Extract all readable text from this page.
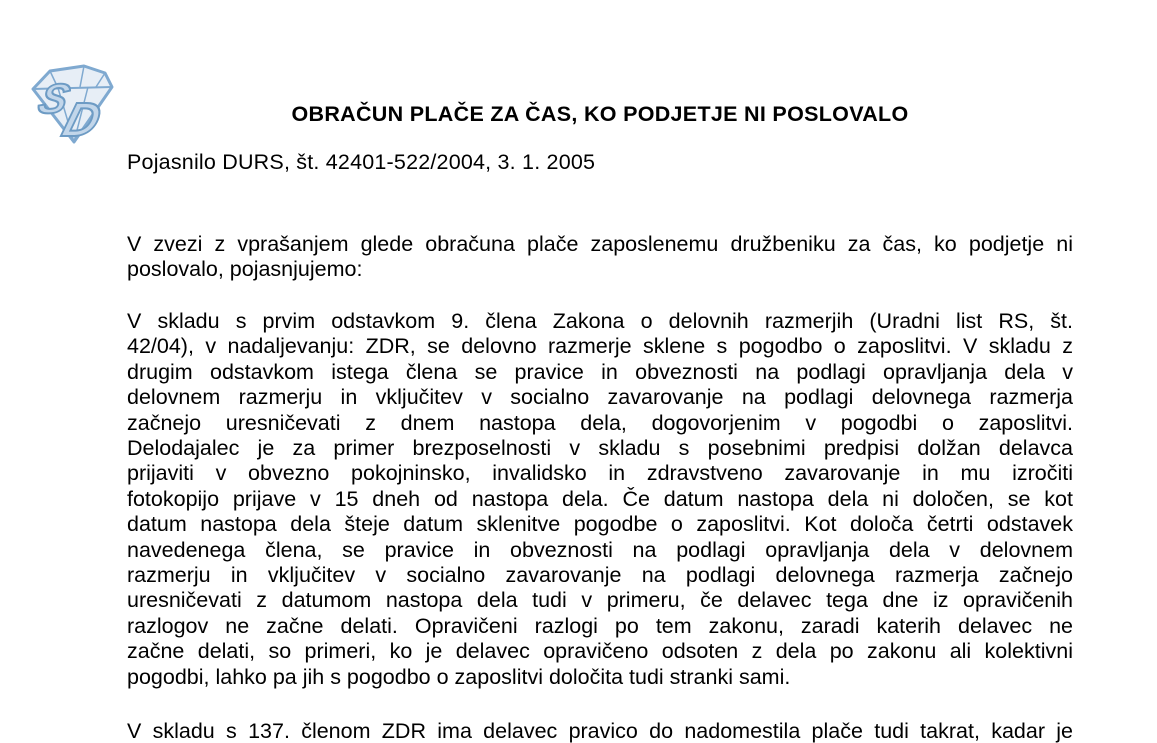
S
D	OBRAČUN PLAČE ZA ČAS, KO PODJETJE NI POSLOVALO
Pojasnilo DURS, št. 42401-522/2004, 3. 1. 2005
V zvezi z vprašanjem glede obračuna plače zaposlenemu družbeniku za čas, ko podjetje ni
poslovalo, pojasnjujemo:
V skladu s prvim odstavkom 9. člena Zakona o delovnih razmerjih (Uradni list RS, št.
42/04), v nadaljevanju: ZDR, se delovno razmerje sklene s pogodbo o zaposlitvi. V skladu z
drugim odstavkom istega člena se pravice in obveznosti na podlagi opravljanja dela v
delovnem razmerju in vključitev v socialno zavarovanje na podlagi delovnega razmerja
začnejo uresničevati z dnem nastopa dela, dogovorjenim v pogodbi o zaposlitvi.
Delodajalec je za primer brezposelnosti v skladu s posebnimi predpisi dolžan delavca
prijaviti v obvezno pokojninsko, invalidsko in zdravstveno zavarovanje in mu izročiti
fotokopijo prijave v 15 dneh od nastopa dela. Če datum nastopa dela ni določen, se kot
datum nastopa dela šteje datum sklenitve pogodbe o zaposlitvi. Kot določa četrti odstavek
navedenega člena, se pravice in obveznosti na podlagi opravljanja dela v delovnem
razmerju in vključitev v socialno zavarovanje na podlagi delovnega razmerja začnejo
uresničevati z datumom nastopa dela tudi v primeru, če delavec tega dne iz opravičenih
razlogov ne začne delati. Opravičeni razlogi po tem zakonu, zaradi katerih delavec ne
začne delati, so primeri, ko je delavec opravičeno odsoten z dela po zakonu ali kolektivni
pogodbi, lahko pa jih s pogodbo o zaposlitvi določita tudi stranki sami.
V skladu s 137. členom ZDR ima delavec pravico do nadomestila plače tudi takrat, kadar je
